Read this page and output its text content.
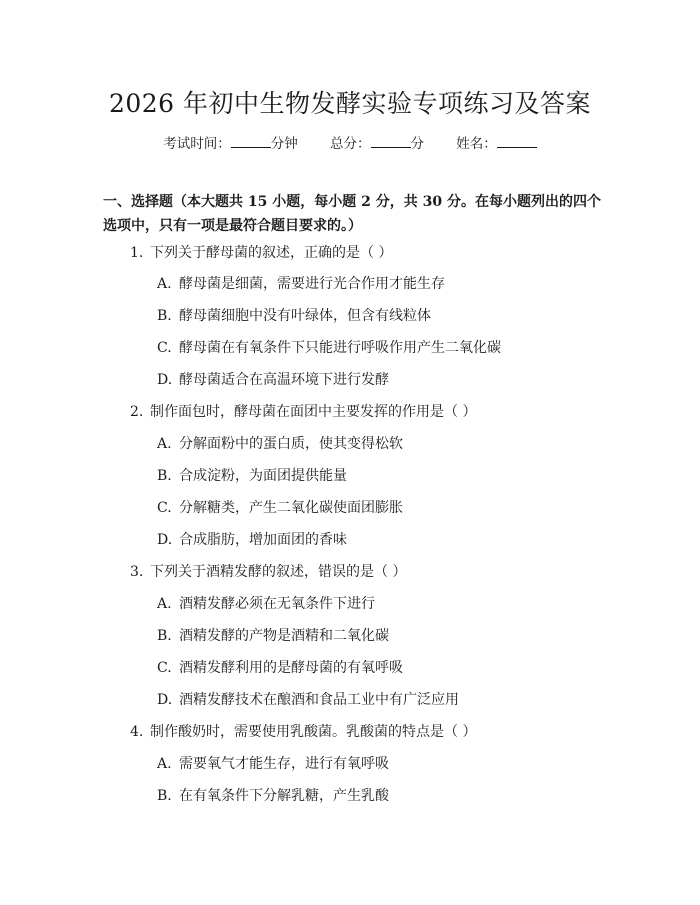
2026 年初中生物发酵实验专项练习及答案
考试时间：	分钟 总分：	分 姓名：
一、选择题（本大题共 15 小题，每小题 2 分，共 30 分。在每小题列出的四个选项中，只有一项是最符合题目要求的。）
1. 下列关于酵母菌的叙述，正确的是（ ）
A. 酵母菌是细菌，需要进行光合作用才能生存
B. 酵母菌细胞中没有叶绿体，但含有线粒体
C. 酵母菌在有氧条件下只能进行呼吸作用产生二氧化碳
D. 酵母菌适合在高温环境下进行发酵
2. 制作面包时，酵母菌在面团中主要发挥的作用是（ ）
A. 分解面粉中的蛋白质，使其变得松软
B. 合成淀粉，为面团提供能量
C. 分解糖类，产生二氧化碳使面团膨胀
D. 合成脂肪，增加面团的香味
3. 下列关于酒精发酵的叙述，错误的是（ ）
A. 酒精发酵必须在无氧条件下进行
B. 酒精发酵的产物是酒精和二氧化碳
C. 酒精发酵利用的是酵母菌的有氧呼吸
D. 酒精发酵技术在酿酒和食品工业中有广泛应用
4. 制作酸奶时，需要使用乳酸菌。乳酸菌的特点是（ ）
A. 需要氧气才能生存，进行有氧呼吸
B. 在有氧条件下分解乳糖，产生乳酸
